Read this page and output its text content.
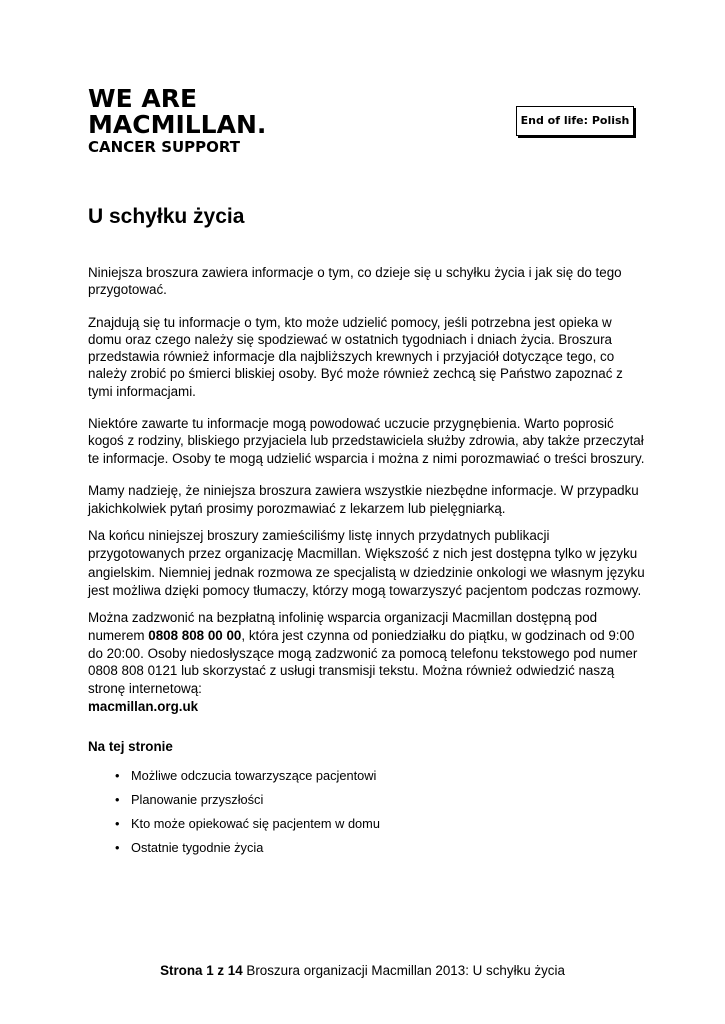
WE ARE
MACMILLAN.
CANCER SUPPORT
End of life: Polish
U schyłku życia

Niniejsza broszura zawiera informacje o tym, co dzieje się u schyłku życia i jak się do tego przygotować.

Znajdują się tu informacje o tym, kto może udzielić pomocy, jeśli potrzebna jest opieka w domu oraz czego należy się spodziewać w ostatnich tygodniach i dniach życia. Broszura przedstawia również informacje dla najbliższych krewnych i przyjaciół dotyczące tego, co należy zrobić po śmierci bliskiej osoby. Być może również zechcą się Państwo zapoznać z tymi informacjami.

Niektóre zawarte tu informacje mogą powodować uczucie przygnębienia. Warto poprosić kogoś z rodziny, bliskiego przyjaciela lub przedstawiciela służby zdrowia, aby także przeczytał te informacje. Osoby te mogą udzielić wsparcia i można z nimi porozmawiać o treści broszury.

Mamy nadzieję, że niniejsza broszura zawiera wszystkie niezbędne informacje. W przypadku jakichkolwiek pytań prosimy porozmawiać z lekarzem lub pielęgniarką.

Na końcu niniejszej broszury zamieściliśmy listę innych przydatnych publikacji przygotowanych przez organizację Macmillan. Większość z nich jest dostępna tylko w języku angielskim. Niemniej jednak rozmowa ze specjalistą w dziedzinie onkologi we własnym języku jest możliwa dzięki pomocy tłumaczy, którzy mogą towarzyszyć pacjentom podczas rozmowy.

Można zadzwonić na bezpłatną infolinię wsparcia organizacji Macmillan dostępną pod numerem 0808 808 00 00, która jest czynna od poniedziałku do piątku, w godzinach od 9:00 do 20:00. Osoby niedosłyszące mogą zadzwonić za pomocą telefonu tekstowego pod numer 0808 808 0121 lub skorzystać z usługi transmisji tekstu. Można również odwiedzić naszą stronę internetową:
macmillan.org.uk

Na tej stronie
• Możliwe odczucia towarzyszące pacjentowi
• Planowanie przyszłości
• Kto może opiekować się pacjentem w domu
• Ostatnie tygodnie życia
Strona 1 z 14 Broszura organizacji Macmillan 2013: U schyłku życia
